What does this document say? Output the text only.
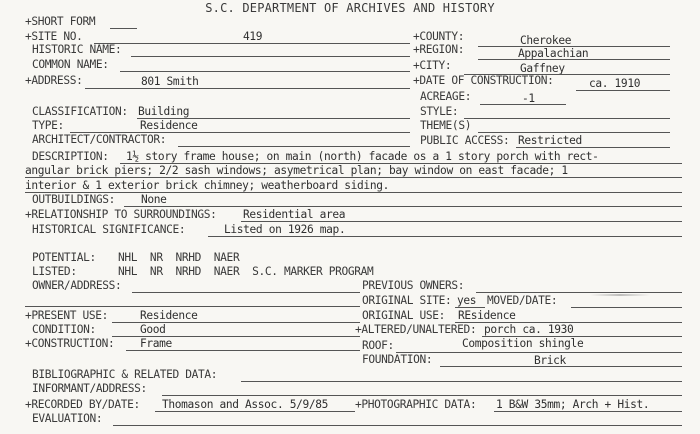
S.C. DEPARTMENT OF ARCHIVES AND HISTORY
+SHORT FORM
+SITE NO.	419
HISTORIC NAME:
COMMON NAME:
+ADDRESS:	801 Smith
+COUNTY:	Cherokee
+REGION:	Appalachian
+CITY:	Gaffney
+DATE OF CONSTRUCTION:	ca. 1910
ACREAGE:	-1
CLASSIFICATION: Building	STYLE:
TYPE:	Residence	THEME(S)
ARCHITECT/CONTRACTOR:	PUBLIC ACCESS: Restricted
DESCRIPTION: 1½ story frame house; on main (north) facade os a 1 story porch with rect-
angular brick piers; 2/2 sash windows; asymetrical plan; bay window on east facade; 1
interior & 1 exterior brick chimney; weatherboard siding.
OUTBUILDINGS: None
+RELATIONSHIP TO SURROUNDINGS: Residential area
HISTORICAL SIGNIFICANCE:	Listed on 1926 map.
POTENTIAL: NHL  NR  NRHD  NAER
LISTED:	NHL  NR  NRHD  NAER  S.C. MARKER PROGRAM
OWNER/ADDRESS:	PREVIOUS OWNERS:
ORIGINAL SITE: yes MOVED/DATE:
+PRESENT USE:	Residence	ORIGINAL USE: REsidence
CONDITION:	Good	+ALTERED/UNALTERED: porch ca. 1930
+CONSTRUCTION: Frame	ROOF:	Composition shingle
FOUNDATION:	Brick
BIBLIOGRAPHIC & RELATED DATA:
INFORMANT/ADDRESS:
+RECORDED BY/DATE: Thomason and Assoc. 5/9/85 +PHOTOGRAPHIC DATA: 1 B&W 35mm; Arch + Hist.
EVALUATION:
